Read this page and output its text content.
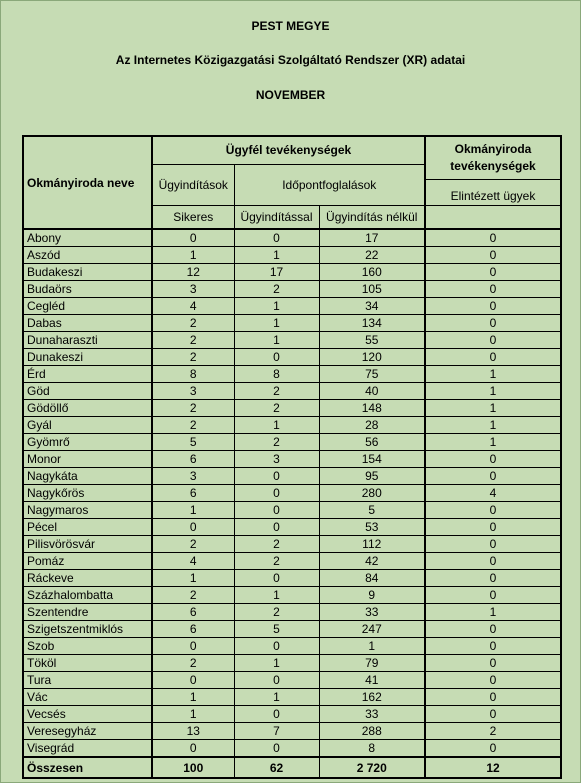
PEST MEGYE
Az Internetes Közigazgatási Szolgáltató Rendszer (XR) adatai
NOVEMBER
Okmányiroda neve	Ügyfél tevékenységek			Okmányiroda tevékenységek
Elintézett ügyek

	Ügyindítások	Időpontfoglalások		
	Sikeres	Ügyindítással	Ügyindítás nélkül	
Abony	0	0	17	0
Aszód	1	1	22	0
Budakeszi	12	17	160	0
Budaörs	3	2	105	0
Cegléd	4	1	34	0
Dabas	2	1	134	0
Dunaharaszti	2	1	55	0
Dunakeszi	2	0	120	0
Érd	8	8	75	1
Göd	3	2	40	1
Gödöllő	2	2	148	1
Gyál	2	1	28	1
Gyömrő	5	2	56	1
Monor	6	3	154	0
Nagykáta	3	0	95	0
Nagykőrös	6	0	280	4
Nagymaros	1	0	5	0
Pécel	0	0	53	0
Pilisvörösvár	2	2	112	0
Pomáz	4	2	42	0
Ráckeve	1	0	84	0
Százhalombatta	2	1	9	0
Szentendre	6	2	33	1
Szigetszentmiklós	6	5	247	0
Szob	0	0	1	0
Tököl	2	1	79	0
Tura	0	0	41	0
Vác	1	1	162	0
Vecsés	1	0	33	0
Veresegyház	13	7	288	2
Visegrád	0	0	8	0
Összesen	100	62	2 720	12
